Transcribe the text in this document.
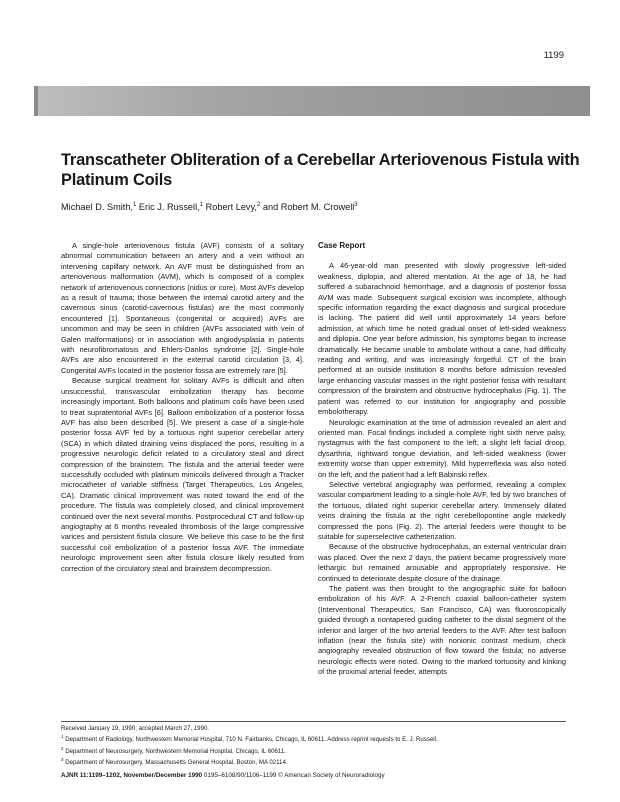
1199
Transcatheter Obliteration of a Cerebellar Arteriovenous Fistula with Platinum Coils
Michael D. Smith,$^1$ Eric J. Russell,$^1$ Robert Levy,$^2$ and Robert M. Crowell$^3$

A single-hole arteriovenous fistula (AVF) consists of a solitary abnormal communication between an artery and a vein without an intervening capillary network. An AVF must be distinguished from an arteriovenous malformation (AVM), which is composed of a complex network of arteriovenous connections (nidus or core). Most AVFs develop as a result of trauma; those between the internal carotid artery and the cavernous sinus (carotid-cavernous fistulas) are the most commonly encountered [1]. Spontaneous (congenital or acquired) AVFs are uncommon and may be seen in children (AVFs associated with vein of Galen malformations) or in association with angiodysplasia in patients with neurofibromatosis and Ehlers-Danlos syndrome [2]. Single-hole AVFs are also encountered in the external carotid circulation [3, 4]. Congenital AVFs located in the posterior fossa are extremely rare [5].

Because surgical treatment for solitary AVFs is difficult and often unsuccessful, transvascular embolization therapy has become increasingly important. Both balloons and platinum coils have been used to treat supratentorial AVFs [6]. Balloon embolization of a posterior fossa AVF has also been described [5]. We present a case of a single-hole posterior fossa AVF fed by a tortuous right superior cerebellar artery (SCA) in which dilated draining veins displaced the pons, resulting in a progressive neurologic deficit related to a circulatory steal and direct compression of the brainstem. The fistula and the arterial feeder were successfully occluded with platinum minicoils delivered through a Tracker microcatheter of variable stiffness (Target Therapeutics, Los Angeles, CA). Dramatic clinical improvement was noted toward the end of the procedure. The fistula was completely closed, and clinical improvement continued over the next several months. Postprocedural CT and follow-up angiography at 6 months revealed thrombosis of the large compressive varices and persistent fistula closure. We believe this case to be the first successful coil embolization of a posterior fossa AVF. The immediate neurologic improvement seen after fistula closure likely resulted from correction of the circulatory steal and brainstem decompression.

Case Report

A 46-year-old man presented with slowly progressive left-sided weakness, diplopia, and altered mentation. At the age of 18, he had suffered a subarachnoid hemorrhage, and a diagnosis of posterior fossa AVM was made. Subsequent surgical excision was incomplete, although specific information regarding the exact diagnosis and surgical procedure is lacking. The patient did well until approximately 14 years before admission, at which time he noted gradual onset of left-sided weakness and diplopia. One year before admission, his symptoms began to increase dramatically. He became unable to ambulate without a cane, had difficulty reading and writing, and was increasingly forgetful. CT of the brain performed at an outside institution 8 months before admission revealed large enhancing vascular masses in the right posterior fossa with resultant compression of the brainstem and obstructive hydrocephalus (Fig. 1). The patient was referred to our institution for angiography and possible embolotherapy.

Neurologic examination at the time of admission revealed an alert and oriented man. Focal findings included a complete right sixth nerve palsy, nystagmus with the fast component to the left, a slight left facial droop, dysarthria, rightward tongue deviation, and left-sided weakness (lower extremity worse than upper extremity). Mild hyperreflexia was also noted on the left, and the patient had a left Babinski reflex.

Selective vertebral angiography was performed, revealing a complex vascular compartment leading to a single-hole AVF, fed by two branches of the tortuous, dilated right superior cerebellar artery. Immensely dilated veins draining the fistula at the right cerebellopontine angle markedly compressed the pons (Fig. 2). The arterial feeders were thought to be suitable for superselective catheterization.

Because of the obstructive hydrocephalus, an external ventricular drain was placed. Over the next 2 days, the patient became progressively more lethargic but remained arousable and appropriately responsive. He continued to deteriorate despite closure of the drainage.

The patient was then brought to the angiographic suite for balloon embolization of his AVF. A 2-French coaxial balloon-catheter system (Interventional Therapeutics, San Francisco, CA) was fluoroscopically guided through a nontapered guiding catheter to the distal segment of the inferior and larger of the two arterial feeders to the AVF. After test balloon inflation (near the fistula site) with nonionic contrast medium, check angiography revealed obstruction of flow toward the fistula; no adverse neurologic effects were noted. Owing to the marked tortuosity and kinking of the proximal arterial feeder, attempts

Received January 19, 1990; accepted March 27, 1990.
$^1$ Department of Radiology, Northwestern Memorial Hospital, 710 N. Fairbanks, Chicago, IL 60611. Address reprint requests to E. J. Russell.
$^2$ Department of Neurosurgery, Northwestern Memorial Hospital, Chicago, IL 60611.
$^3$ Department of Neurosurgery, Massachusetts General Hospital, Boston, MA 02114.
AJNR 11:1199–1202, November/December 1990 0195–6108/90/1106–1199 © American Society of Neuroradiology
